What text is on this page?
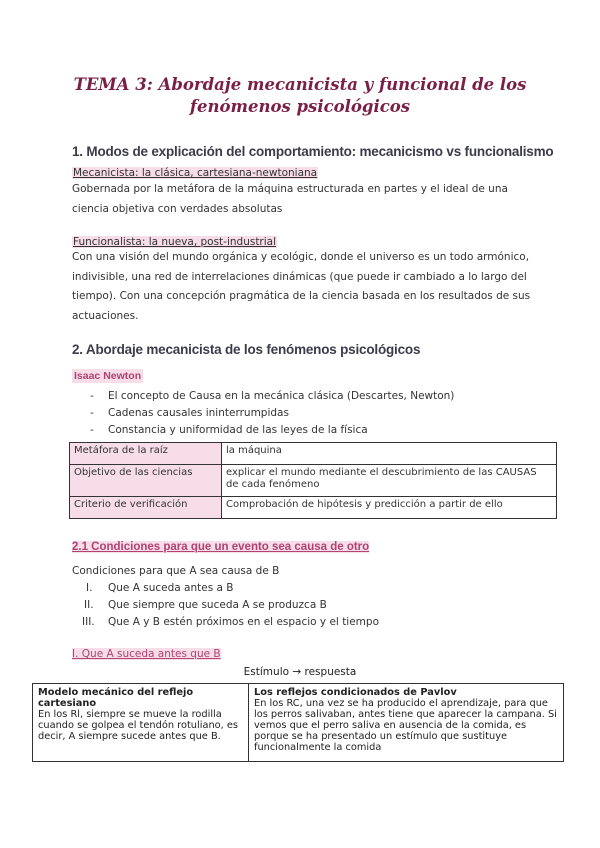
TEMA 3: Abordaje mecanicista y funcional de los
fenómenos psicológicos
1. Modos de explicación del comportamiento: mecanicismo vs funcionalismo
Mecanicista: la clásica, cartesiana-newtoniana
Gobernada por la metáfora de la máquina estructurada en partes y el ideal de una ciencia objetiva con verdades absolutas
Funcionalista: la nueva, post-industrial
Con una visión del mundo orgánica y ecológic, donde el universo es un todo armónico, indivisible, una red de interrelaciones dinámicas (que puede ir cambiado a lo largo del tiempo). Con una concepción pragmática de la ciencia basada en los resultados de sus actuaciones.
2. Abordaje mecanicista de los fenómenos psicológicos
Isaac Newton
- El concepto de Causa en la mecánica clásica (Descartes, Newton)
- Cadenas causales ininterrumpidas
- Constancia y uniformidad de las leyes de la física
Metáfora de la raíz	la máquina
Objetivo de las ciencias	explicar el mundo mediante el descubrimiento de las CAUSAS de cada fenómeno
Criterio de verificación	Comprobación de hipótesis y predicción a partir de ello
2.1 Condiciones para que un evento sea causa de otro
Condiciones para que A sea causa de B
I. Que A suceda antes a B
II. Que siempre que suceda A se produzca B
III. Que A y B estén próximos en el espacio y el tiempo
I. Que A suceda antes que B
Estímulo → respuesta
Modelo mecánico del reflejo cartesiano
En los Rl, siempre se mueve la rodilla cuando se golpea el tendón rotuliano, es decir, A siempre sucede antes que B.

Los reflejos condicionados de Pavlov
En los RC, una vez se ha producido el aprendizaje, para que los perros salivaban, antes tiene que aparecer la campana. Si vemos que el perro saliva en ausencia de la comida, es porque se ha presentado un estímulo que sustituye funcionalmente la comida
